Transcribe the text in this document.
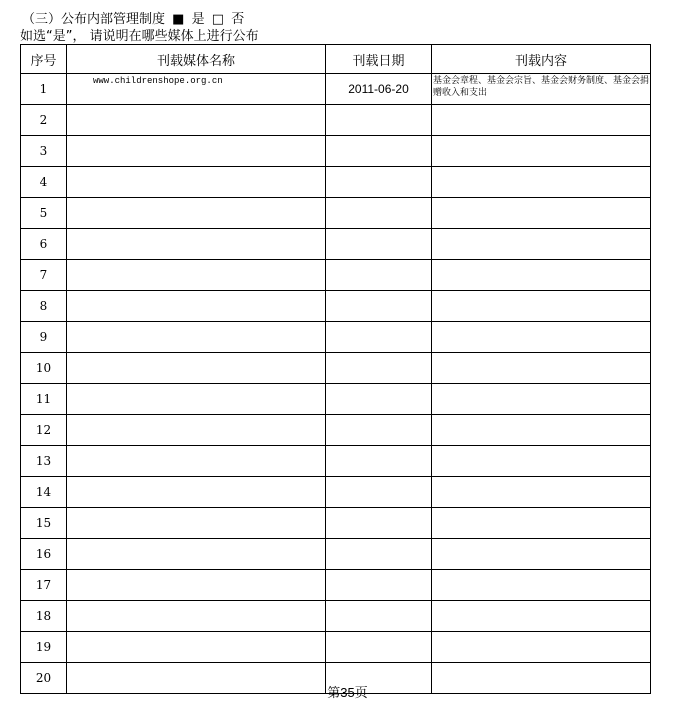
（三）公布内部管理制度 ■ 是 □ 否
如选“是”， 请说明在哪些媒体上进行公布
序号	刊载媒体名称	刊载日期	刊载内容
1	www.childrenshope.org.cn	2011-06-20	基金会章程、基金会宗旨、基金会财务制度、基金会捐赠收入和支出
2			
3			
4			
5			
6			
7			
8			
9			
10			
11			
12			
13			
14			
15			
16			
17			
18			
19			
20			
第35页
